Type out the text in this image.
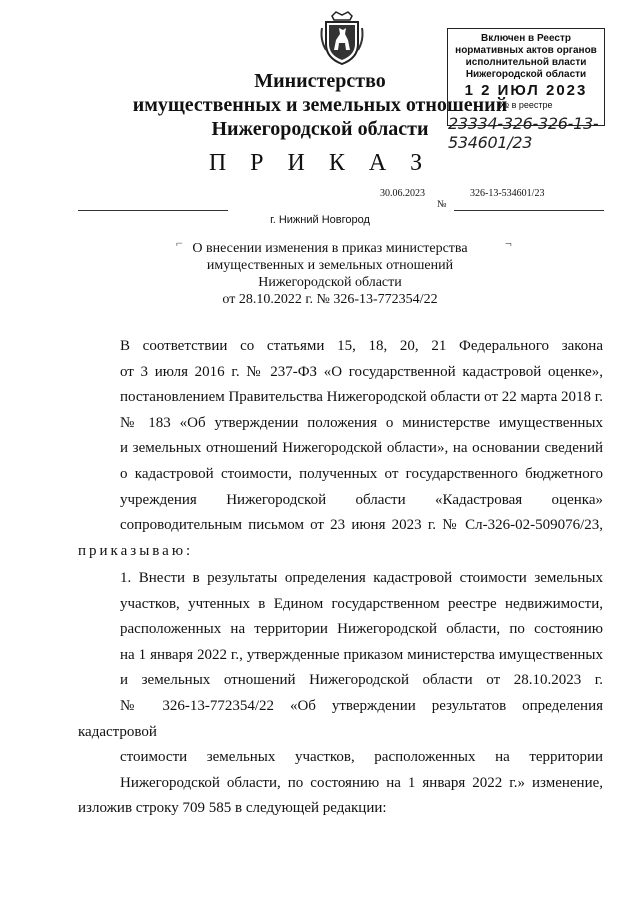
Министерство
имущественных и земельных отношений
Нижегородской области
Включен в Реестр
нормативных актов органов
исполнительной власти
Нижегородской области
1 2 ИЮЛ 2023
№ в реестре
23334-326-326-13-534601/23
П Р И К А З
30.06.2023	326-13-534601/23
№
г. Нижний Новгород
⌐	¬
О внесении изменения в приказ министерства
имущественных и земельных отношений
Нижегородской области
от 28.10.2022 г. № 326-13-772354/22
В соответствии со статьями 15, 18, 20, 21 Федерального закона
от 3 июля 2016 г. № 237-ФЗ «О государственной кадастровой оценке»,
постановлением Правительства Нижегородской области от 22 марта 2018 г.
№ 183 «Об утверждении положения о министерстве имущественных
и земельных отношений Нижегородской области», на основании сведений
о кадастровой стоимости, полученных от государственного бюджетного
учреждения Нижегородской области «Кадастровая оценка»
сопроводительным письмом от 23 июня 2023 г. № Сл-326-02-509076/23,
приказываю:
1. Внести в результаты определения кадастровой стоимости земельных
участков, учтенных в Едином государственном реестре недвижимости,
расположенных на территории Нижегородской области, по состоянию
на 1 января 2022 г., утвержденные приказом министерства имущественных
и земельных отношений Нижегородской области от 28.10.2023 г.
№ 326-13-772354/22 «Об утверждении результатов определения кадастровой
стоимости земельных участков, расположенных на территории
Нижегородской области, по состоянию на 1 января 2022 г.» изменение,
изложив строку 709 585 в следующей редакции:
